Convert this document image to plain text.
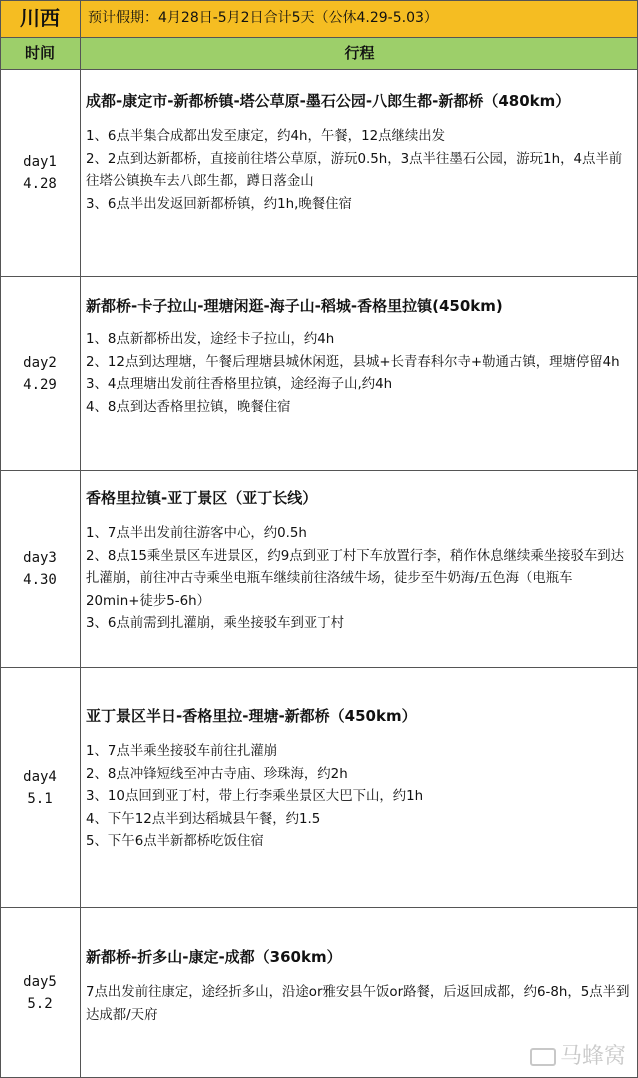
川西	预计假期：4月28日-5月2日合计5天（公休4.29-5.03）
时间	行程
day1
4.28
成都-康定市-新都桥镇-塔公草原-墨石公园-八郎生都-新都桥（480km）
1、6点半集合成都出发至康定，约4h，午餐，12点继续出发
2、2点到达新都桥，直接前往塔公草原，游玩0.5h，3点半往墨石公园，游玩1h，4点半前往塔公镇换车去八郎生都，蹲日落金山
3、6点半出发返回新都桥镇，约1h,晚餐住宿
day2
4.29
新都桥-卡子拉山-理塘闲逛-海子山-稻城-香格里拉镇(450km)
1、8点新都桥出发，途经卡子拉山，约4h
2、12点到达理塘，午餐后理塘县城休闲逛，县城+长青春科尔寺+勒通古镇，理塘停留4h
3、4点理塘出发前往香格里拉镇，途经海子山,约4h
4、8点到达香格里拉镇，晚餐住宿
day3
4.30
香格里拉镇-亚丁景区（亚丁长线）
1、7点半出发前往游客中心，约0.5h
2、8点15乘坐景区车进景区，约9点到亚丁村下车放置行李，稍作休息继续乘坐接驳车到达扎灌崩，前往冲古寺乘坐电瓶车继续前往洛绒牛场，徒步至牛奶海/五色海（电瓶车20min+徒步5-6h）
3、6点前需到扎灌崩，乘坐接驳车到亚丁村
day4
5.1
亚丁景区半日-香格里拉-理塘-新都桥（450km）
1、7点半乘坐接驳车前往扎灌崩
2、8点冲锋短线至冲古寺庙、珍珠海，约2h
3、10点回到亚丁村，带上行李乘坐景区大巴下山，约1h
4、下午12点半到达稻城县午餐，约1.5
5、下午6点半新都桥吃饭住宿
day5
5.2
新都桥-折多山-康定-成都（360km）
7点出发前往康定，途经折多山，沿途or雅安县午饭or路餐，后返回成都，约6-8h，5点半到达成都/天府
马蜂窝
